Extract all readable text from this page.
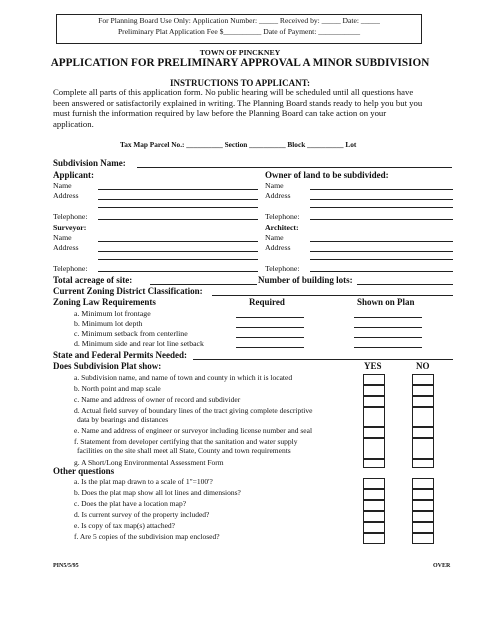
For Planning Board Use Only: Application Number: _____ Received by: _____ Date: _____
Preliminary Plat Application Fee $__________ Date of Payment: ___________
TOWN OF PINCKNEY
APPLICATION FOR PRELIMINARY APPROVAL A MINOR SUBDIVISION
INSTRUCTIONS TO APPLICANT:
Complete all parts of this application form. No public hearing will be scheduled until all questions have been answered or satisfactorily explained in writing. The Planning Board stands ready to help you but you must furnish the information required by law before the Planning Board can take action on your application.
Tax Map Parcel No.: __________ Section __________ Block __________ Lot
Subdivision Name:
Applicant:	Owner of land to be subdivided:
Name	Name
Address	Address
Telephone:	Telephone:
Surveyor:	Architect:
Name	Name
Address	Address
Telephone:	Telephone:
Total acreage of site:	Number of building lots:
Current Zoning District Classification:
Zoning Law Requirements	Required	Shown on Plan
a. Minimum lot frontage
b. Minimum lot depth
c. Minimum setback from centerline
d. Minimum side and rear lot line setback
State and Federal Permits Needed:
Does Subdivision Plat show:	YES	NO
a. Subdivision name, and name of town and county in which it is located
b. North point and map scale
c. Name and address of owner of record and subdivider
d. Actual field survey of boundary lines of the tract giving complete descriptive
data by bearings and distances
e. Name and address of engineer or surveyor including license number and seal
f. Statement from developer certifying that the sanitation and water supply
facilities on the site shall meet all State, County and town requirements
g. A Short/Long Environmental Assessment Form
Other questions
a. Is the plat map drawn to a scale of 1"=100'?
b. Does the plat map show all lot lines and dimensions?
c. Does the plat have a location map?
d. Is current survey of the property included?
e. Is copy of tax map(s) attached?
f. Are 5 copies of the subdivision map enclosed?
PIN5/5/95	OVER
